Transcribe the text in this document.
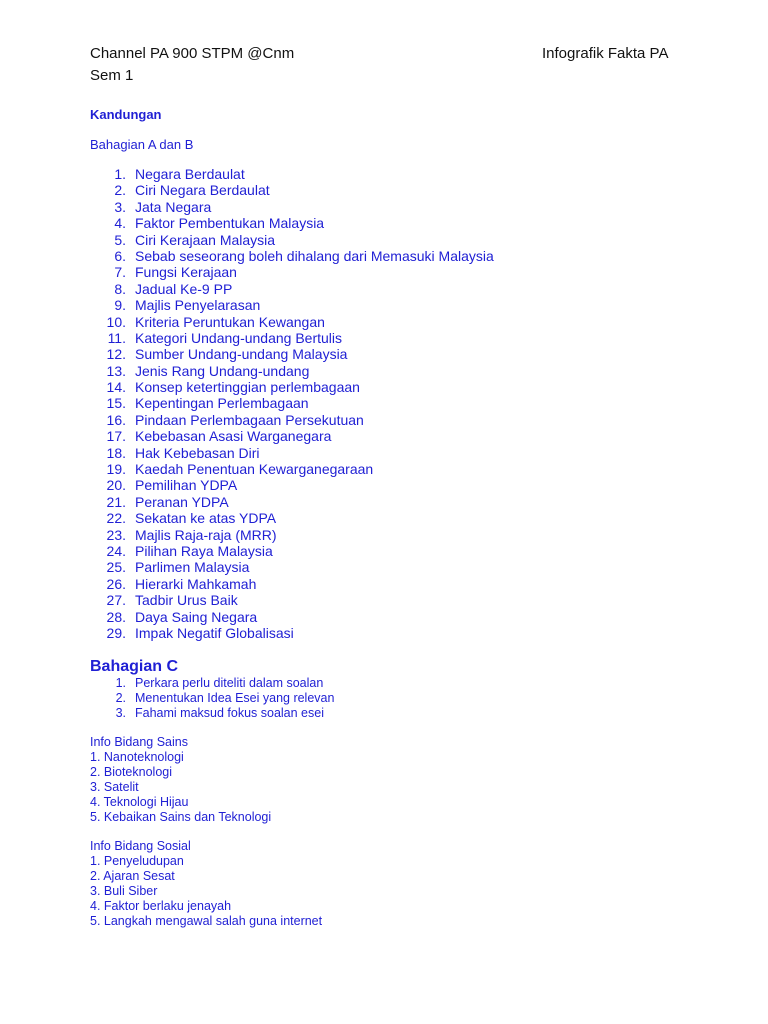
Channel PA 900 STPM @Cnm	Infografik Fakta PA
Sem 1
Kandungan
Bahagian A dan B
1. Negara Berdaulat
2. Ciri Negara Berdaulat
3. Jata Negara
4. Faktor Pembentukan Malaysia
5. Ciri Kerajaan Malaysia
6. Sebab seseorang boleh dihalang dari Memasuki Malaysia
7. Fungsi Kerajaan
8. Jadual Ke-9 PP
9. Majlis Penyelarasan
10. Kriteria Peruntukan Kewangan
11. Kategori Undang-undang Bertulis
12. Sumber Undang-undang Malaysia
13. Jenis Rang Undang-undang
14. Konsep ketertinggian perlembagaan
15. Kepentingan Perlembagaan
16. Pindaan Perlembagaan Persekutuan
17. Kebebasan Asasi Warganegara
18. Hak Kebebasan Diri
19. Kaedah Penentuan Kewarganegaraan
20. Pemilihan YDPA
21. Peranan YDPA
22. Sekatan ke atas YDPA
23. Majlis Raja-raja (MRR)
24. Pilihan Raya Malaysia
25. Parlimen Malaysia
26. Hierarki Mahkamah
27. Tadbir Urus Baik
28. Daya Saing Negara
29. Impak Negatif Globalisasi
Bahagian C
1. Perkara perlu diteliti dalam soalan
2. Menentukan Idea Esei yang relevan
3. Fahami maksud fokus soalan esei
Info Bidang Sains
1. Nanoteknologi
2. Bioteknologi
3. Satelit
4. Teknologi Hijau
5. Kebaikan Sains dan Teknologi
Info Bidang Sosial
1. Penyeludupan
2. Ajaran Sesat
3. Buli Siber
4. Faktor berlaku jenayah
5. Langkah mengawal salah guna internet
